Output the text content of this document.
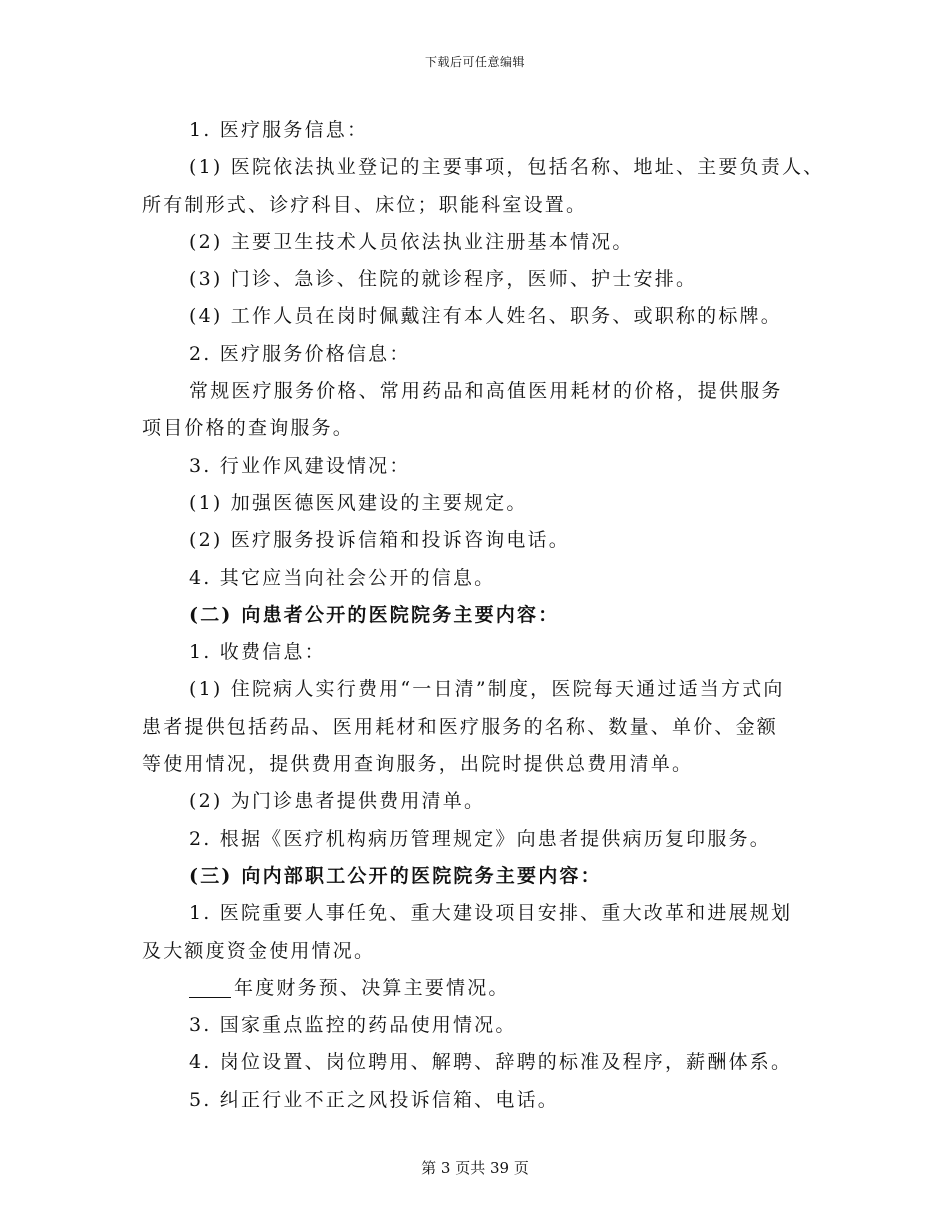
下载后可任意编辑
1. 医疗服务信息：
(1) 医院依法执业登记的主要事项，包括名称、地址、主要负责人、
所有制形式、诊疗科目、床位；职能科室设置。
(2) 主要卫生技术人员依法执业注册基本情况。
(3) 门诊、急诊、住院的就诊程序，医师、护士安排。
(4) 工作人员在岗时佩戴注有本人姓名、职务、或职称的标牌。
2. 医疗服务价格信息：
常规医疗服务价格、常用药品和高值医用耗材的价格，提供服务
项目价格的查询服务。
3. 行业作风建设情况：
(1) 加强医德医风建设的主要规定。
(2) 医疗服务投诉信箱和投诉咨询电话。
4. 其它应当向社会公开的信息。
(二) 向患者公开的医院院务主要内容：
1. 收费信息：
(1) 住院病人实行费用“一日清”制度，医院每天通过适当方式向
患者提供包括药品、医用耗材和医疗服务的名称、数量、单价、金额
等使用情况，提供费用查询服务，出院时提供总费用清单。
(2) 为门诊患者提供费用清单。
2. 根据《医疗机构病历管理规定》向患者提供病历复印服务。
(三) 向内部职工公开的医院院务主要内容：
1. 医院重要人事任免、重大建设项目安排、重大改革和进展规划
及大额度资金使用情况。
年度财务预、决算主要情况。
3. 国家重点监控的药品使用情况。
4. 岗位设置、岗位聘用、解聘、辞聘的标准及程序，薪酬体系。
5. 纠正行业不正之风投诉信箱、电话。
第 3 页共 39 页
